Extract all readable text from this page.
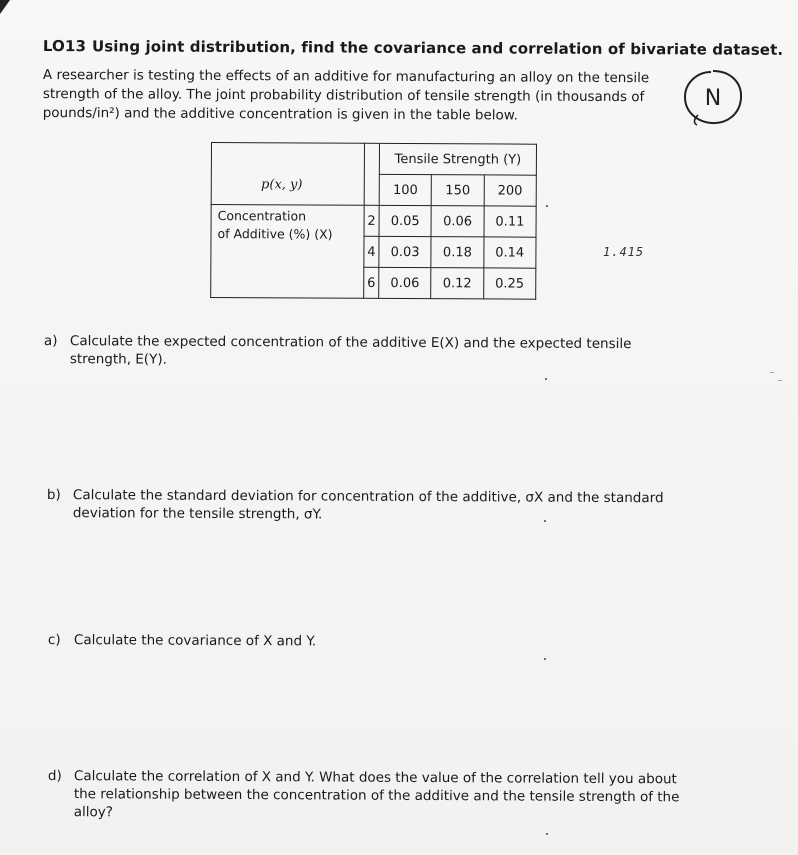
LO13 Using joint distribution, find the covariance and correlation of bivariate dataset.

A researcher is testing the effects of an additive for manufacturing an alloy on the tensile

strength of the alloy. The joint probability distribution of tensile strength (in thousands of

pounds/in²) and the additive concentration is given in the table below.

N
p(x, y)		Tensile Strength (Y)		
		100	150	200

Concentration
of Additive (%) (X)	2	0.05	0.06	0.11
	4	0.03	0.18	0.14
	6	0.06	0.12	0.25
1.415
a) Calculate the expected concentration of the additive E(X) and the expected tensile
strength, E(Y).
b) Calculate the standard deviation for concentration of the additive, σX and the standard
deviation for the tensile strength, σY.
c) Calculate the covariance of X and Y.
d) Calculate the correlation of X and Y. What does the value of the correlation tell you about
the relationship between the concentration of the additive and the tensile strength of the
alloy?
